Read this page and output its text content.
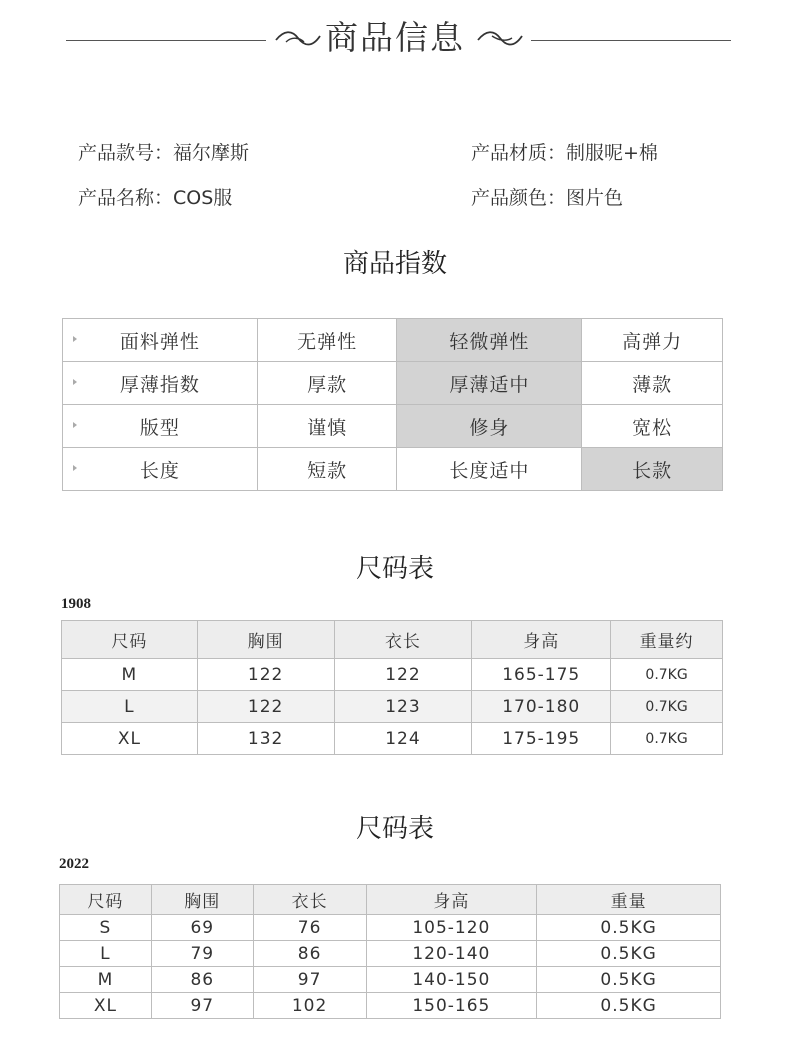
商品信息
产品款号：福尔摩斯	产品材质：制服呢+棉
产品名称：COS服	产品颜色：图片色
商品指数
面料弹性	无弹性	轻微弹性	高弹力
厚薄指数	厚款	厚薄适中	薄款
版型	谨慎	修身	宽松
长度	短款	长度适中	长款
尺码表
1908
尺码	胸围	衣长	身高	重量约
M	122	122	165-175	0.7KG
L	122	123	170-180	0.7KG
XL	132	124	175-195	0.7KG
尺码表
2022
尺码	胸围	衣长	身高	重量
S	69	76	105-120	0.5KG
L	79	86	120-140	0.5KG
M	86	97	140-150	0.5KG
XL	97	102	150-165	0.5KG
